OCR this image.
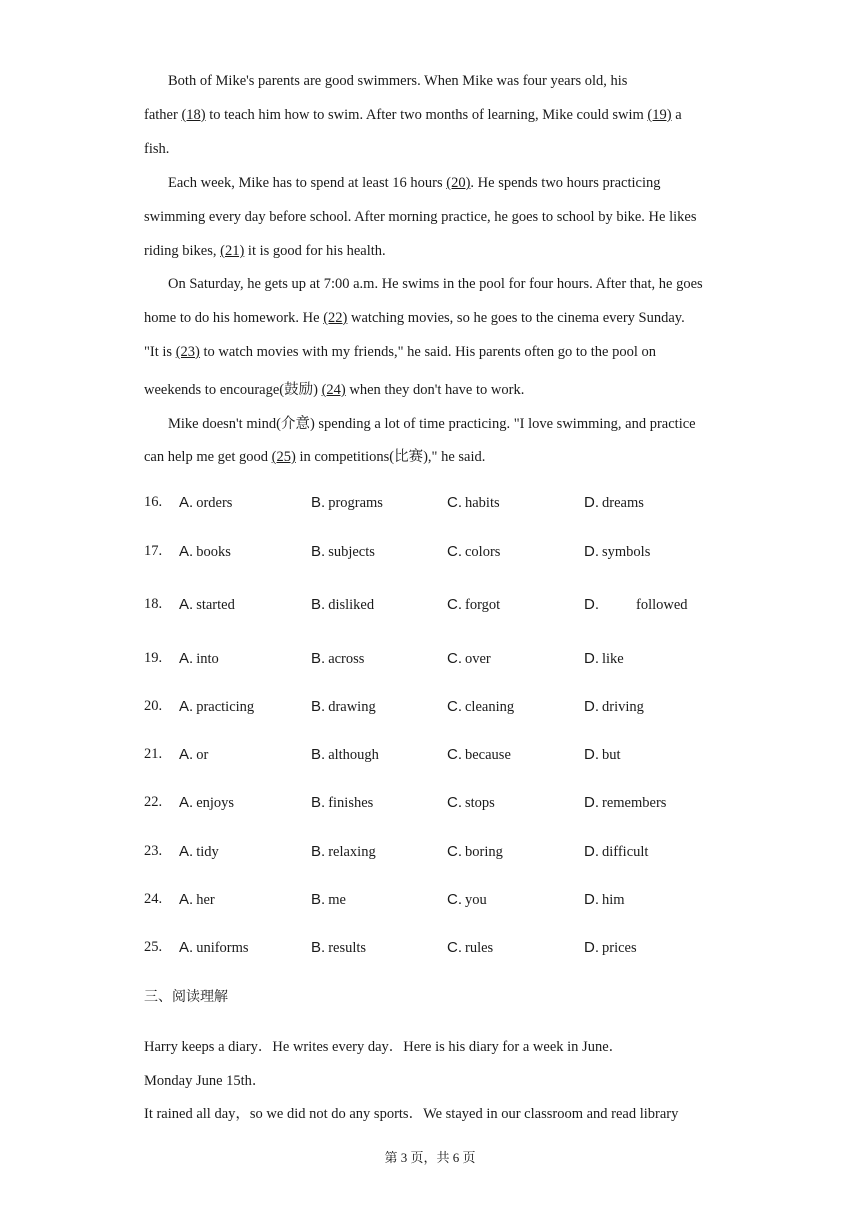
Both of Mike's parents are good swimmers. When Mike was four years old, his
father (18) to teach him how to swim. After two months of learning, Mike could swim (19) a
fish.
Each week, Mike has to spend at least 16 hours (20). He spends two hours practicing
swimming every day before school. After morning practice, he goes to school by bike. He likes
riding bikes, (21) it is good for his health.
On Saturday, he gets up at 7:00 a.m. He swims in the pool for four hours. After that, he goes
home to do his homework. He (22) watching movies, so he goes to the cinema every Sunday.
"It is (23) to watch movies with my friends," he said. His parents often go to the pool on
weekends to encourage(鼓励) (24) when they don't have to work.
Mike doesn't mind(介意) spending a lot of time practicing. "I love swimming, and practice
can help me get good (25) in competitions(比赛)," he said.
16. A. orders	B. programs	C. habits	D. dreams
17. A. books	B. subjects	C. colors	D. symbols
18. A. started	B. disliked	C. forgot	D.	followed
19. A. into	B. across	C. over	D. like
20. A. practicing	B. drawing	C. cleaning	D. driving
21. A. or	B. although	C. because	D. but
22. A. enjoys	B. finishes	C. stops	D. remembers
23. A. tidy	B. relaxing	C. boring	D. difficult
24. A. her	B. me	C. you	D. him
25. A. uniforms	B. results	C. rules	D. prices
三、阅读理解
Harry keeps a diary．He writes every day．Here is his diary for a week in June．
Monday June 15th．
It rained all day，so we did not do any sports．We stayed in our classroom and read library
第 3 页，共 6 页
